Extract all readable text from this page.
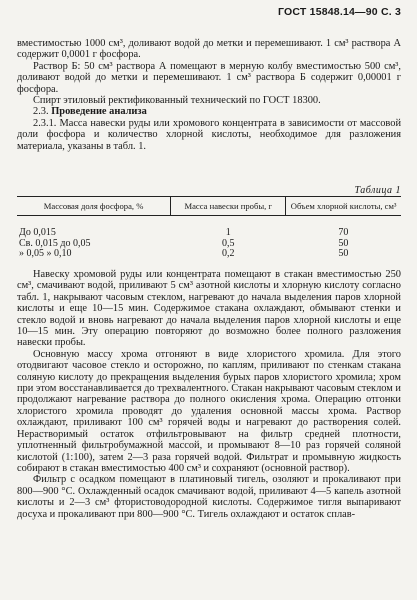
ГОСТ 15848.14—90 С. 3

вместимостью 1000 см³, доливают водой до метки и перемешивают. 1 см³ раствора А содержит 0,0001 г фосфора.

Раствор Б: 50 см³ раствора А помещают в мерную колбу вместимостью 500 см³, доливают водой до метки и перемешивают. 1 см³ раствора Б содержит 0,00001 г фосфора.

Спирт этиловый ректификованный технический по ГОСТ 18300.

2.3. Проведение анализа

2.3.1. Масса навески руды или хромового концентрата в зависимости от массовой доли фосфора и количество хлорной кислоты, необходимое для разложения материала, указаны в табл. 1.

Таблица 1
Массовая доля фосфора, %	Масса навески пробы, г	Объем хлорной кислоты, см³
До 0,015	1	70
Св. 0,015 до 0,05	0,5	50
» 0,05 » 0,10	0,2	50

Навеску хромовой руды или концентрата помещают в стакан вместимостью 250 см³, смачивают водой, приливают 5 см³ азотной кислоты и хлорную кислоту согласно табл. 1, накрывают часовым стеклом, нагревают до начала выделения паров хлорной кислоты и еще 10—15 мин. Содержимое стакана охлаждают, обмывают стенки и стекло водой и вновь нагревают до начала выделения паров хлорной кислоты и еще 10—15 мин. Эту операцию повторяют до возможно более полного разложения навески пробы.

Основную массу хрома отгоняют в виде хлористого хромила. Для этого отодвигают часовое стекло и осторожно, по каплям, приливают по стенкам стакана соляную кислоту до прекращения выделения бурых паров хлористого хромила; хром при этом восстанавливается до трехвалентного. Стакан накрывают часовым стеклом и продолжают нагревание раствора до полного окисления хрома. Операцию отгонки хлористого хромила проводят до удаления основной массы хрома. Раствор охлаждают, приливают 100 см³ горячей воды и нагревают до растворения солей. Нерастворимый остаток отфильтровывают на фильтр средней плотности, уплотненный фильтробумажной массой, и промывают 8—10 раз горячей соляной кислотой (1:100), затем 2—3 раза горячей водой. Фильтрат и промывную жидкость собирают в стакан вместимостью 400 см³ и сохраняют (основной раствор).

Фильтр с осадком помещают в платиновый тигель, озоляют и прокаливают при 800—900 °С. Охлажденный осадок смачивают водой, приливают 4—5 капель азотной кислоты и 2—3 см³ фтористоводородной кислоты. Содержимое тигля выпаривают досуха и прокаливают при 800—900 °С. Тигель охлаждают и остаток сплав-
